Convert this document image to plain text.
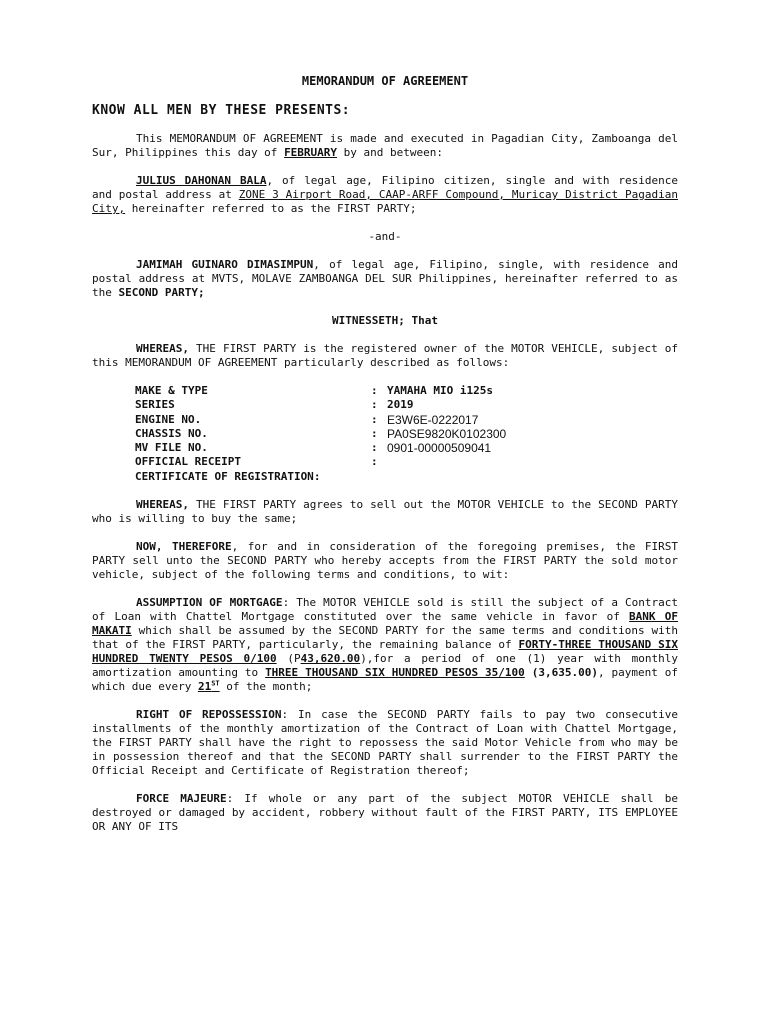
MEMORANDUM OF AGREEMENT
KNOW ALL MEN BY THESE PRESENTS:

This MEMORANDUM OF AGREEMENT is made and executed in Pagadian City, Zamboanga del Sur, Philippines this day of FEBRUARY by and between:

JULIUS DAHONAN BALA, of legal age, Filipino citizen, single and with residence and postal address at ZONE 3 Airport Road, CAAP-ARFF Compound, Muricay District Pagadian City, hereinafter referred to as the FIRST PARTY;

-and-

JAMIMAH GUINARO DIMASIMPUN, of legal age, Filipino, single, with residence and postal address at MVTS, MOLAVE ZAMBOANGA DEL SUR Philippines, hereinafter referred to as the SECOND PARTY;

WITNESSETH; That

WHEREAS, THE FIRST PARTY is the registered owner of the MOTOR VEHICLE, subject of this MEMORANDUM OF AGREEMENT particularly described as follows:

MAKE & TYPE	: YAMAHA MIO i125s
SERIES	: 2019
ENGINE NO.	: E3W6E-0222017
CHASSIS NO.	: PA0SE9820K0102300
MV FILE NO.	: 0901-00000509041
OFFICIAL RECEIPT	:
CERTIFICATE OF REGISTRATION :

WHEREAS, THE FIRST PARTY agrees to sell out the MOTOR VEHICLE to the SECOND PARTY who is willing to buy the same;

NOW, THEREFORE, for and in consideration of the foregoing premises, the FIRST PARTY sell unto the SECOND PARTY who hereby accepts from the FIRST PARTY the sold motor vehicle, subject of the following terms and conditions, to wit:

ASSUMPTION OF MORTGAGE: The MOTOR VEHICLE sold is still the subject of a Contract of Loan with Chattel Mortgage constituted over the same vehicle in favor of BANK OF MAKATI which shall be assumed by the SECOND PARTY for the same terms and conditions with that of the FIRST PARTY, particularly, the remaining balance of FORTY-THREE THOUSAND SIX HUNDRED TWENTY PESOS 0/100 (P43,620.00),for a period of one (1) year with monthly amortization amounting to THREE THOUSAND SIX HUNDRED PESOS 35/100 (3,635.00), payment of which due every 21ST of the month;

RIGHT OF REPOSSESSION: In case the SECOND PARTY fails to pay two consecutive installments of the monthly amortization of the Contract of Loan with Chattel Mortgage, the FIRST PARTY shall have the right to repossess the said Motor Vehicle from who may be in possession thereof and that the SECOND PARTY shall surrender to the FIRST PARTY the Official Receipt and Certificate of Registration thereof;

FORCE MAJEURE: If whole or any part of the subject MOTOR VEHICLE shall be destroyed or damaged by accident, robbery without fault of the FIRST PARTY, ITS EMPLOYEE OR ANY OF ITS
